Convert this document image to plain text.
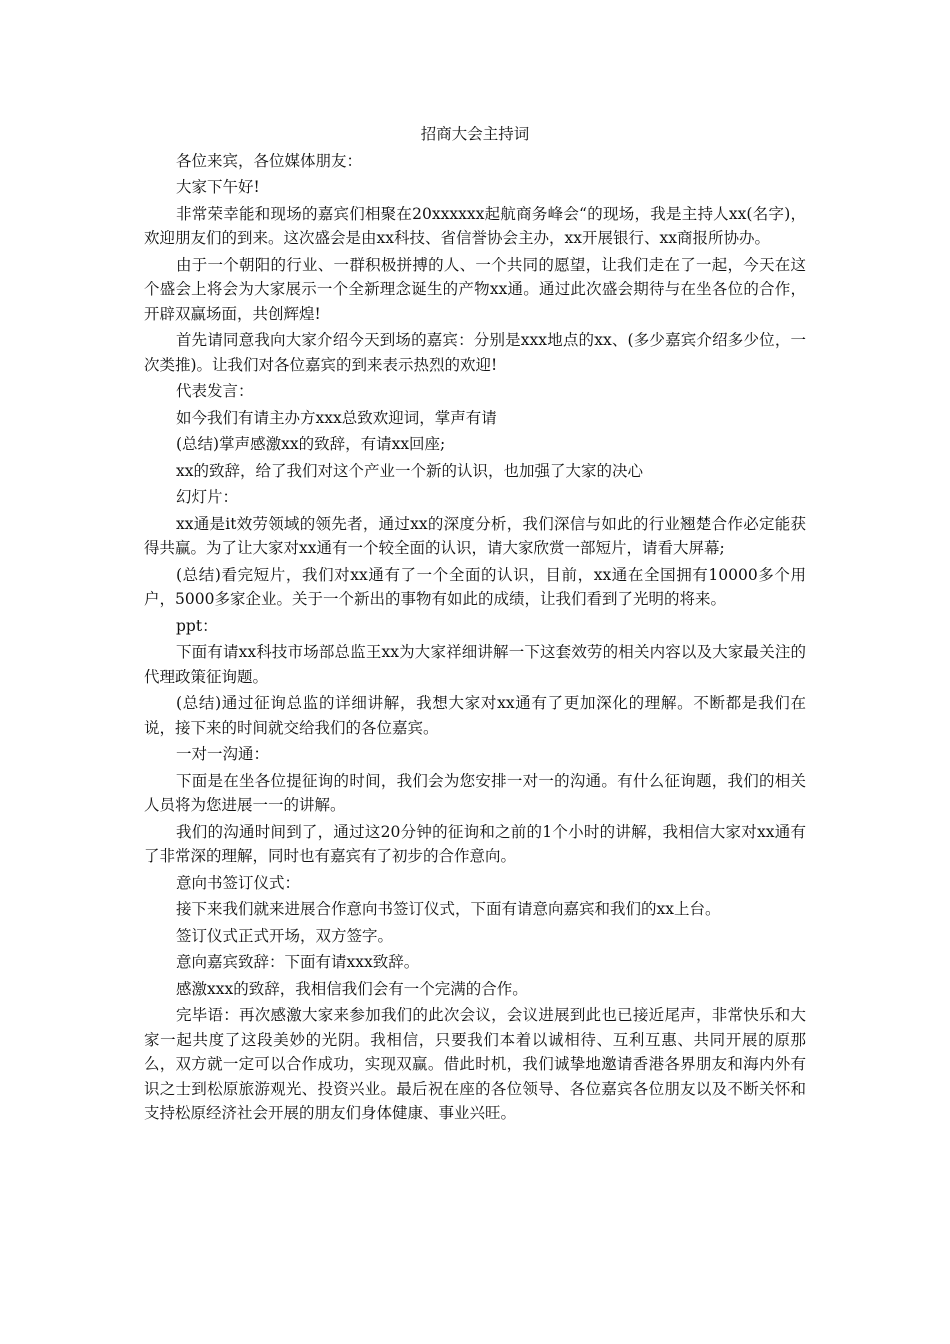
招商大会主持词
各位来宾，各位媒体朋友：
大家下午好!
非常荣幸能和现场的嘉宾们相聚在20xxxxxx起航商务峰会“的现场，我是主持人xx(名字)，欢迎朋友们的到来。这次盛会是由xx科技、省信誉协会主办，xx开展银行、xx商报所协办。
由于一个朝阳的行业、一群积极拼搏的人、一个共同的愿望，让我们走在了一起，今天在这个盛会上将会为大家展示一个全新理念诞生的产物xx通。通过此次盛会期待与在坐各位的合作，开辟双赢场面，共创辉煌!
首先请同意我向大家介绍今天到场的嘉宾：分别是xxx地点的xx、(多少嘉宾介绍多少位，一次类推)。让我们对各位嘉宾的到来表示热烈的欢迎!
代表发言：
如今我们有请主办方xxx总致欢迎词，掌声有请
(总结)掌声感激xx的致辞，有请xx回座;
xx的致辞，给了我们对这个产业一个新的认识，也加强了大家的决心
幻灯片：
xx通是it效劳领域的领先者，通过xx的深度分析，我们深信与如此的行业翘楚合作必定能获得共赢。为了让大家对xx通有一个较全面的认识，请大家欣赏一部短片，请看大屏幕;
(总结)看完短片，我们对xx通有了一个全面的认识，目前，xx通在全国拥有10000多个用户，5000多家企业。关于一个新出的事物有如此的成绩，让我们看到了光明的将来。
ppt：
下面有请xx科技市场部总监王xx为大家祥细讲解一下这套效劳的相关内容以及大家最关注的代理政策征询题。
(总结)通过征询总监的详细讲解，我想大家对xx通有了更加深化的理解。不断都是我们在说，接下来的时间就交给我们的各位嘉宾。
一对一沟通：
下面是在坐各位提征询的时间，我们会为您安排一对一的沟通。有什么征询题，我们的相关人员将为您进展一一的讲解。
我们的沟通时间到了，通过这20分钟的征询和之前的1个小时的讲解，我相信大家对xx通有了非常深的理解，同时也有嘉宾有了初步的合作意向。
意向书签订仪式：
接下来我们就来进展合作意向书签订仪式，下面有请意向嘉宾和我们的xx上台。
签订仪式正式开场，双方签字。
意向嘉宾致辞：下面有请xxx致辞。
感激xxx的致辞，我相信我们会有一个完满的合作。
完毕语：再次感激大家来参加我们的此次会议，会议进展到此也已接近尾声，非常快乐和大家一起共度了这段美妙的光阴。我相信，只要我们本着以诚相待、互利互惠、共同开展的原那么，双方就一定可以合作成功，实现双赢。借此时机，我们诚挚地邀请香港各界朋友和海内外有识之士到松原旅游观光、投资兴业。最后祝在座的各位领导、各位嘉宾各位朋友以及不断关怀和支持松原经济社会开展的朋友们身体健康、事业兴旺。
